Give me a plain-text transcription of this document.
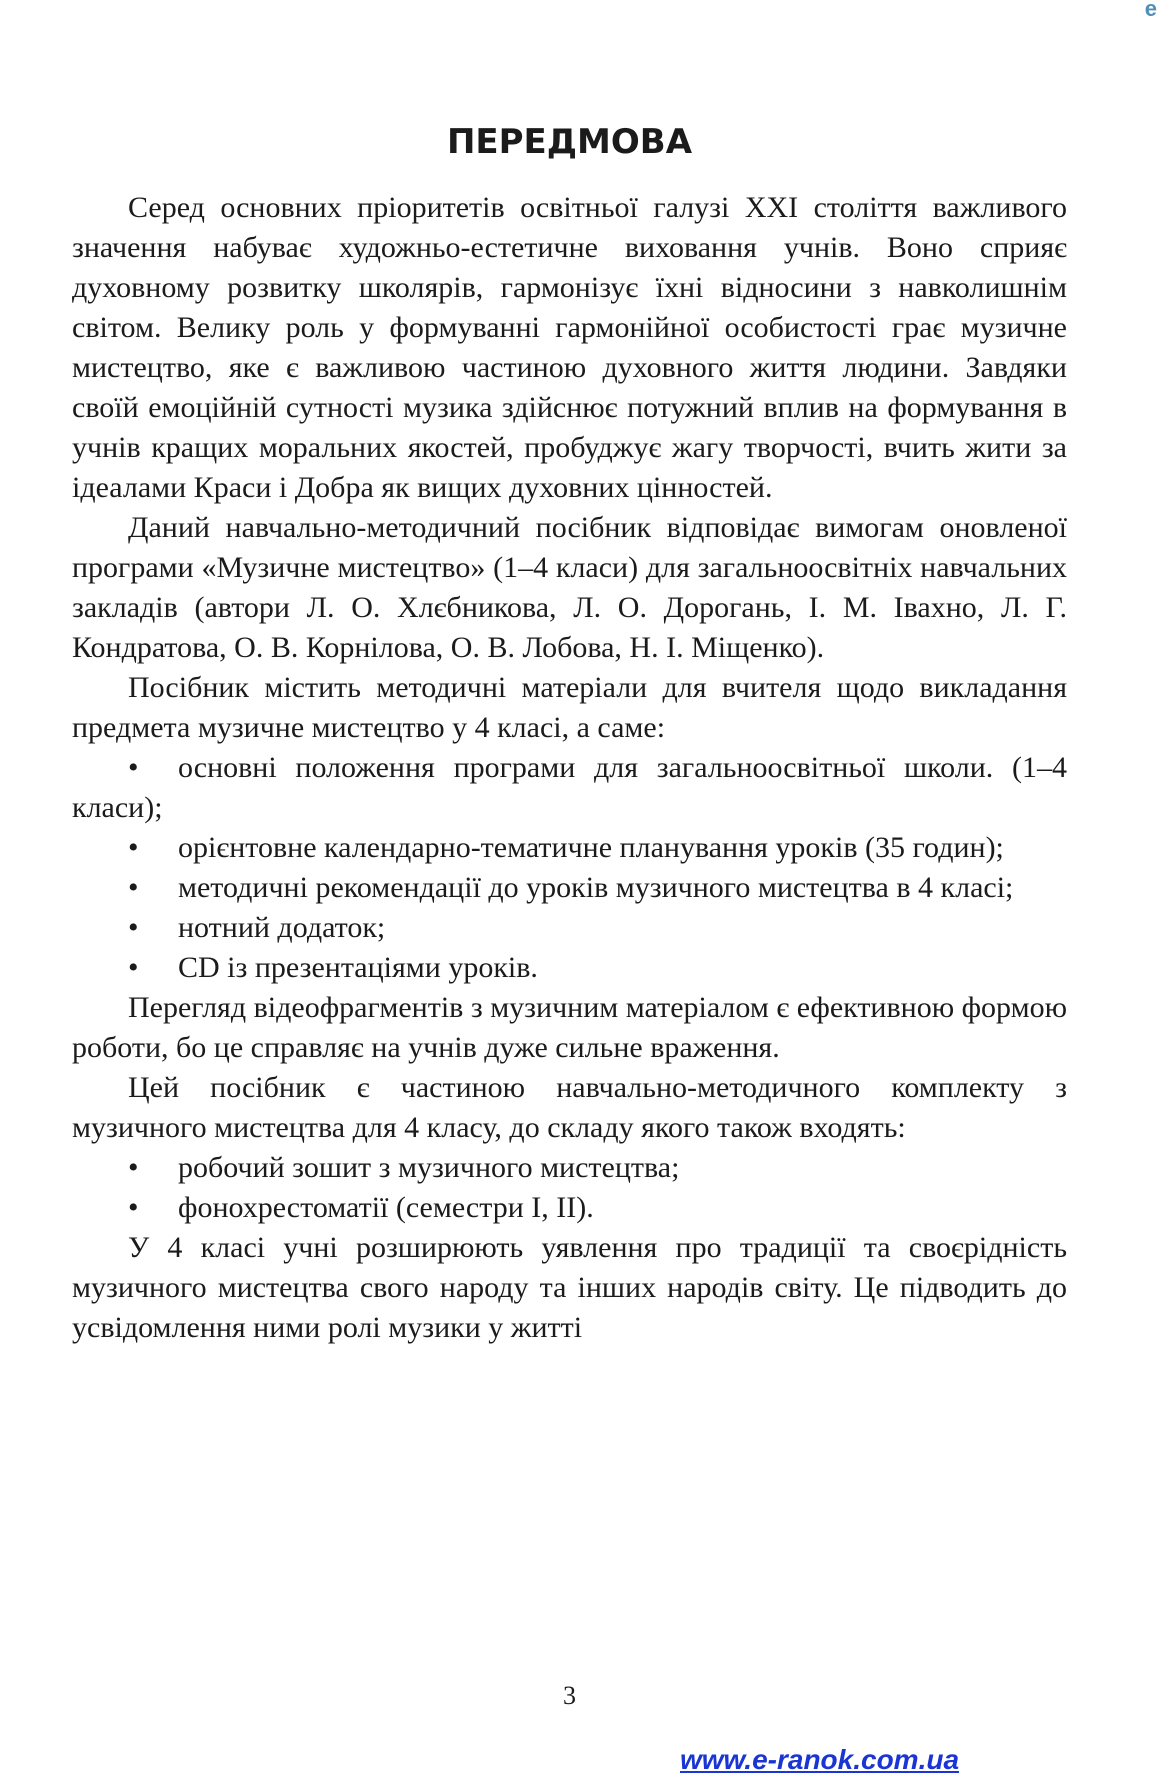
e
ПЕРЕДМОВА

Серед основних пріоритетів освітньої галузі XXI століття важливого значення набуває художньо-естетичне виховання учнів. Воно сприяє духовному розвитку школярів, гармонізує їхні відносини з навколишнім світом. Велику роль у формуванні гармонійної особистості грає музичне мистецтво, яке є важливою частиною духовного життя людини. Завдяки своїй емоційній сутності музика здійснює потужний вплив на формування в учнів кращих моральних якостей, пробуджує жагу творчості, вчить жити за ідеалами Краси і Добра як вищих духовних цінностей.

Даний навчально-методичний посібник відповідає вимогам оновленої програми «Музичне мистецтво» (1–4 класи) для загальноосвітніх навчальних закладів (автори Л. О. Хлєбникова, Л. О. Дорогань, І. М. Івахно, Л. Г. Кондратова, О. В. Корнілова, О. В. Лобова, Н. І. Міщенко).

Посібник містить методичні матеріали для вчителя щодо викладання предмета музичне мистецтво у 4 класі, а саме:

• основні положення програми для загальноосвітньої школи. (1–4 класи);

• орієнтовне календарно-тематичне планування уроків (35 годин);

• методичні рекомендації до уроків музичного мистецтва в 4 класі;

• нотний додаток;

• CD із презентаціями уроків.

Перегляд відеофрагментів з музичним матеріалом є ефективною формою роботи, бо це справляє на учнів дуже сильне враження.

Цей посібник є частиною навчально-методичного комплекту з музичного мистецтва для 4 класу, до складу якого також входять:

• робочий зошит з музичного мистецтва;

• фонохрестоматії (семестри I, II).

У 4 класі учні розширюють уявлення про традиції та своєрідність музичного мистецтва свого народу та інших народів світу. Це підводить до усвідомлення ними ролі музики у житті

3
www.e-ranok.com.ua
